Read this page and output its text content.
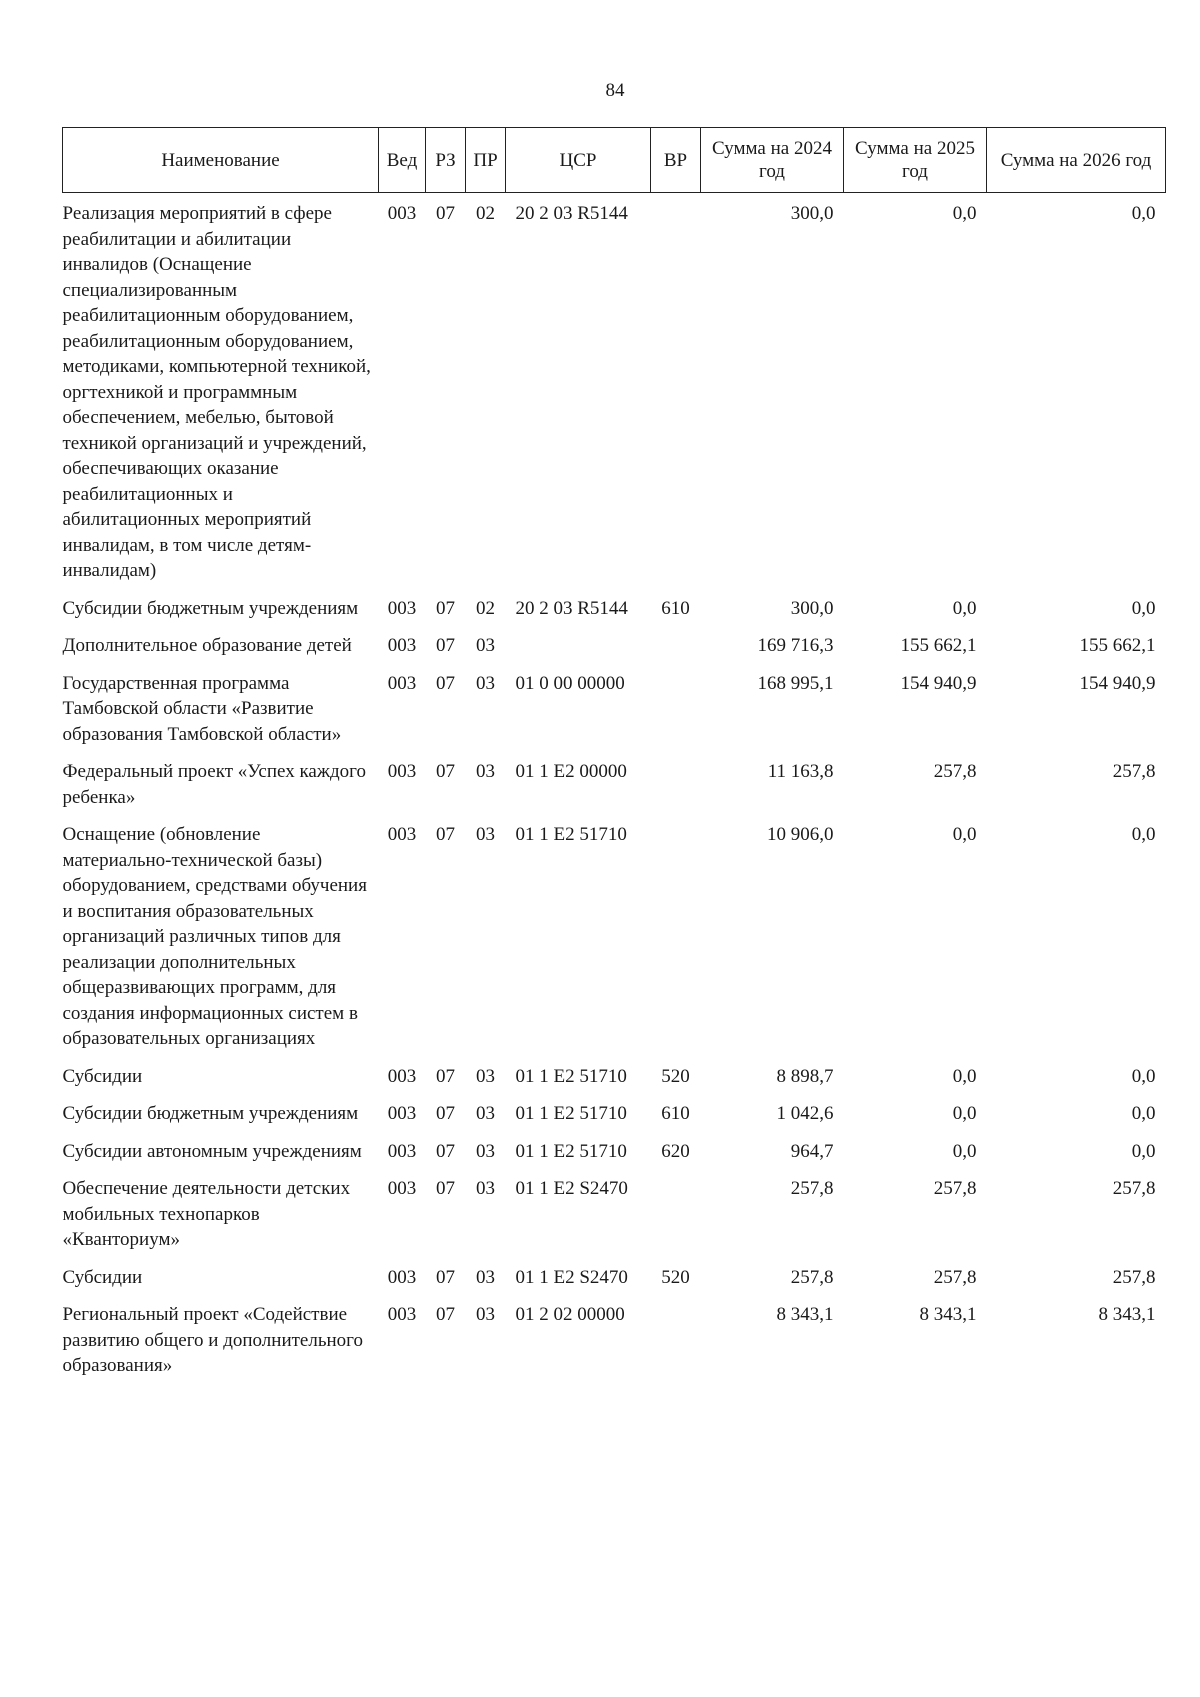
84
Наименование	Вед	РЗ	ПР	ЦСР	ВР	Сумма на 2024 год	Сумма на 2025 год	Сумма на 2026 год
Реализация мероприятий в сфере реабилитации и абилитации инвалидов (Оснащение специализированным реабилитационным оборудованием, реабилитационным оборудованием, методиками, компьютерной техникой, оргтехникой и программным обеспечением, мебелью, бытовой техникой организаций и учреждений, обеспечивающих оказание реабилитационных и абилитационных мероприятий инвалидам, в том числе детям-инвалидам)	003	07	02	20 2 03 R5144		300,0	0,0	0,0
Субсидии бюджетным учреждениям	003	07	02	20 2 03 R5144	610	300,0	0,0	0,0
Дополнительное образование детей	003	07	03			169 716,3	155 662,1	155 662,1
Государственная программа Тамбовской области «Развитие образования Тамбовской области»	003	07	03	01 0 00 00000		168 995,1	154 940,9	154 940,9
Федеральный проект «Успех каждого ребенка»	003	07	03	01 1 E2 00000		11 163,8	257,8	257,8
Оснащение (обновление материально-технической базы) оборудованием, средствами обучения и воспитания образовательных организаций различных типов для реализации дополнительных общеразвивающих программ, для создания информационных систем в образовательных организациях	003	07	03	01 1 E2 51710		10 906,0	0,0	0,0
Субсидии	003	07	03	01 1 E2 51710	520	8 898,7	0,0	0,0
Субсидии бюджетным учреждениям	003	07	03	01 1 E2 51710	610	1 042,6	0,0	0,0
Субсидии автономным учреждениям	003	07	03	01 1 E2 51710	620	964,7	0,0	0,0
Обеспечение деятельности детских мобильных технопарков «Кванториум»	003	07	03	01 1 E2 S2470		257,8	257,8	257,8
Субсидии	003	07	03	01 1 E2 S2470	520	257,8	257,8	257,8
Региональный проект «Содействие развитию общего и дополнительного образования»	003	07	03	01 2 02 00000		8 343,1	8 343,1	8 343,1
